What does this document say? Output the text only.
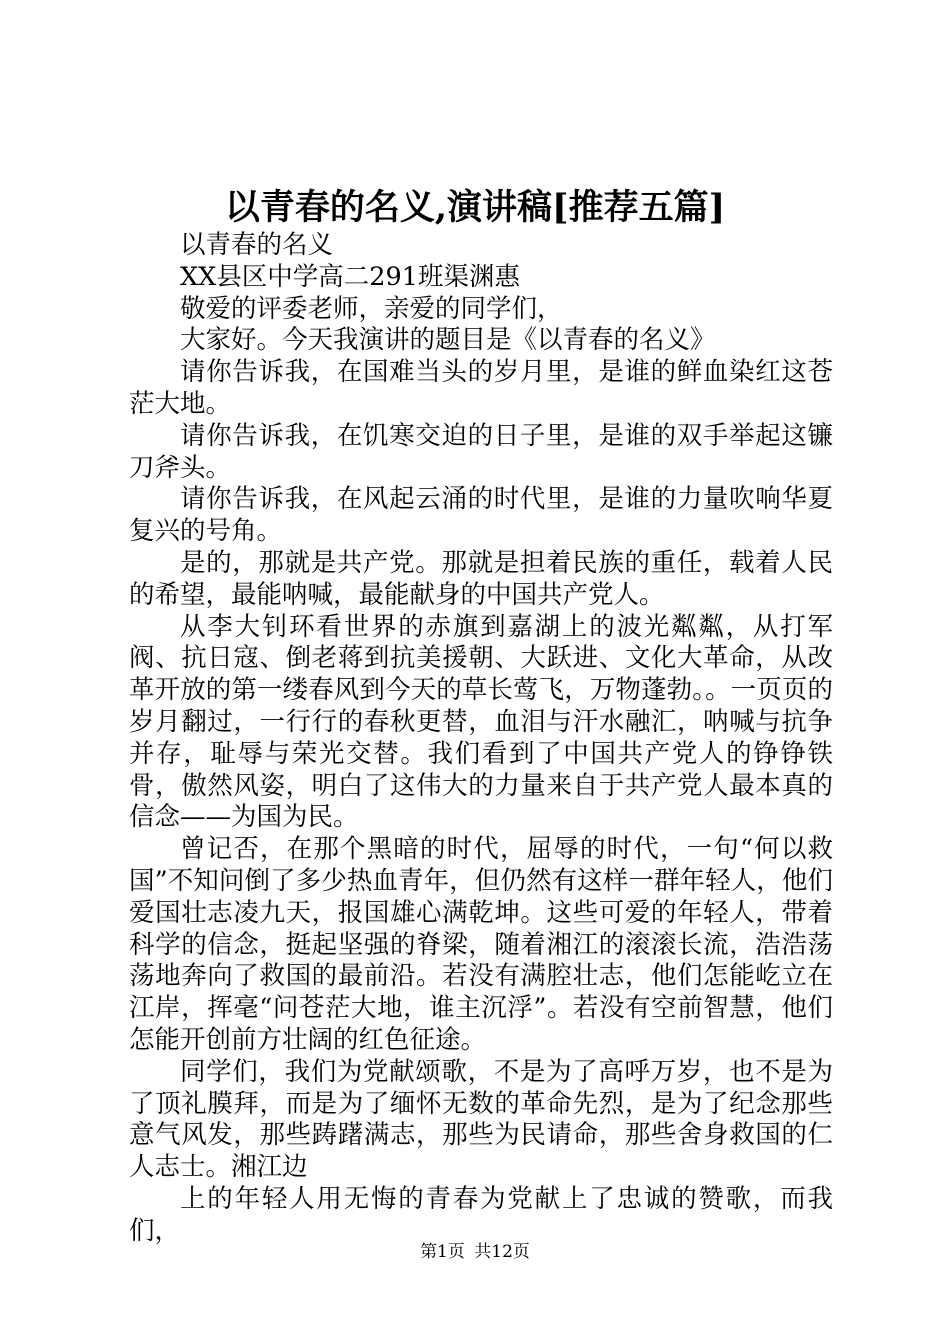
以青春的名义,演讲稿[推荐五篇]

以青春的名义

XX县区中学高二291班渠渊惠

敬爱的评委老师，亲爱的同学们，

大家好。今天我演讲的题目是《以青春的名义》

请你告诉我，在国难当头的岁月里，是谁的鲜血染红这苍茫大地。

请你告诉我，在饥寒交迫的日子里，是谁的双手举起这镰刀斧头。

请你告诉我，在风起云涌的时代里，是谁的力量吹响华夏复兴的号角。

是的，那就是共产党。那就是担着民族的重任，载着人民的希望，最能呐喊，最能献身的中国共产党人。

从李大钊环看世界的赤旗到嘉湖上的波光粼粼，从打军阀、抗日寇、倒老蒋到抗美援朝、大跃进、文化大革命，从改革开放的第一缕春风到今天的草长莺飞，万物蓬勃。。一页页的岁月翻过，一行行的春秋更替，血泪与汗水融汇，呐喊与抗争并存，耻辱与荣光交替。我们看到了中国共产党人的铮铮铁骨，傲然风姿，明白了这伟大的力量来自于共产党人最本真的信念——为国为民。

曾记否，在那个黑暗的时代，屈辱的时代，一句“何以救国”不知问倒了多少热血青年，但仍然有这样一群年轻人，他们爱国壮志凌九天，报国雄心满乾坤。这些可爱的年轻人，带着科学的信念，挺起坚强的脊梁，随着湘江的滚滚长流，浩浩荡荡地奔向了救国的最前沿。若没有满腔壮志，他们怎能屹立在江岸，挥毫“问苍茫大地，谁主沉浮”。若没有空前智慧，他们怎能开创前方壮阔的红色征途。

同学们，我们为党献颂歌，不是为了高呼万岁，也不是为了顶礼膜拜，而是为了缅怀无数的革命先烈，是为了纪念那些意气风发，那些踌躇满志，那些为民请命，那些舍身救国的仁人志士。湘江边

上的年轻人用无悔的青春为党献上了忠诚的赞歌，而我们，

第1页 共12页
